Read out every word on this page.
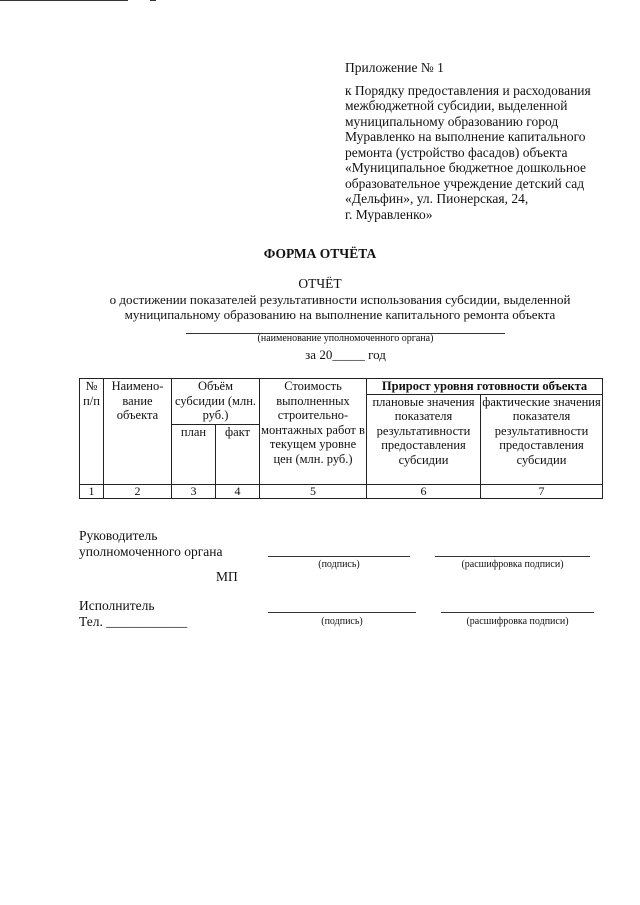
Приложение № 1
к Порядку предоставления и расходования
межбюджетной субсидии, выделенной
муниципальному образованию город
Муравленко на выполнение капитального
ремонта (устройство фасадов) объекта
«Муниципальное бюджетное дошкольное
образовательное учреждение детский сад
«Дельфин», ул. Пионерская, 24,
г. Муравленко»
ФОРМА ОТЧЁТА
ОТЧЁТ
о достижении показателей результативности использования субсидии, выделенной
муниципальному образованию на выполнение капитального ремонта объекта
(наименование уполномоченного органа)
за 20_____ год
№ п/п	Наимено-вание объекта	Объём субсидии (млн. руб.)		Стоимость выполненных строительно-монтажных работ в текущем уровне цен (млн. руб.)	Прирост уровня готовности объекта	
					плановые значения показателя результативности предоставления субсидии	фактические значения показателя результативности предоставления субсидии
		план	факт			
1	2	3	4	5	6	7
Руководитель
уполномоченного органа
(подпись)	(расшифровка подписи)
МП
Исполнитель
Тел. ____________	(подпись)	(расшифровка подписи)
